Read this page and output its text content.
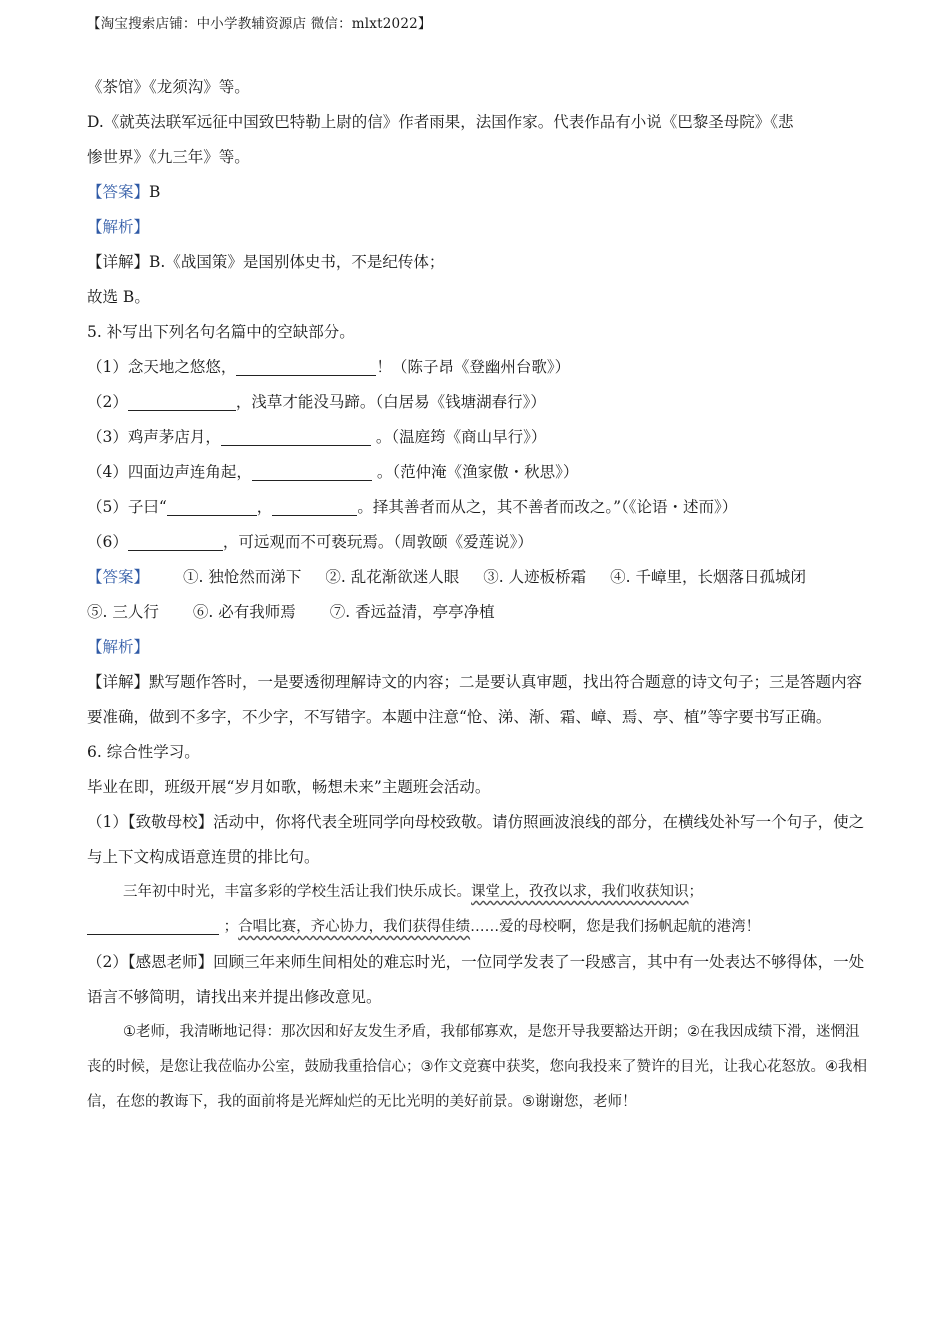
【淘宝搜索店铺：中小学教辅资源店 微信：mlxt2022】
《茶馆》《龙须沟》等。
D.《就英法联军远征中国致巴特勒上尉的信》作者雨果，法国作家。代表作品有小说《巴黎圣母院》《悲
惨世界》《九三年》等。
【答案】B
【解析】
【详解】B.《战国策》是国别体史书，不是纪传体；
故选 B。
5. 补写出下列名句名篇中的空缺部分。
（1）念天地之悠悠，	！（陈子昂《登幽州台歌》）
（2）	，浅草才能没马蹄。（白居易《钱塘湖春行》）
（3）鸡声茅店月，	。（温庭筠《商山早行》）
（4）四面边声连角起，	。（范仲淹《渔家傲・秋思》）
（5）子曰“	，	。择其善者而从之，其不善者而改之。”（《论语・述而》）
（6）	，可远观而不可亵玩焉。（周敦颐《爱莲说》）
【答案】 ①. 独怆然而涕下 ②. 乱花渐欲迷人眼 ③. 人迹板桥霜 ④. 千嶂里，长烟落日孤城闭
⑤. 三人行 ⑥. 必有我师焉 ⑦. 香远益清，亭亭净植
【解析】
【详解】默写题作答时，一是要透彻理解诗文的内容；二是要认真审题，找出符合题意的诗文句子；三是答题内容要准确，做到不多字，不少字，不写错字。本题中注意“怆、涕、渐、霜、嶂、焉、亭、植”等字要书写正确。
6. 综合性学习。
毕业在即，班级开展“岁月如歌，畅想未来”主题班会活动。
（1）【致敬母校】活动中，你将代表全班同学向母校致敬。请仿照画波浪线的部分，在横线处补写一个句子，使之与上下文构成语意连贯的排比句。
三年初中时光，丰富多彩的学校生活让我们快乐成长。课堂上，孜孜以求，我们收获知识；
；合唱比赛，齐心协力，我们获得佳绩……爱的母校啊，您是我们扬帆起航的港湾！
（2）【感恩老师】回顾三年来师生间相处的难忘时光，一位同学发表了一段感言，其中有一处表达不够得体，一处语言不够简明，请找出来并提出修改意见。
①老师，我清晰地记得：那次因和好友发生矛盾，我郁郁寡欢，是您开导我要豁达开朗；②在我因成绩下滑，迷惘沮丧的时候，是您让我莅临办公室，鼓励我重拾信心；③作文竞赛中获奖，您向我投来了赞许的目光，让我心花怒放。④我相信，在您的教诲下，我的面前将是光辉灿烂的无比光明的美好前景。⑤谢谢您，老师！
